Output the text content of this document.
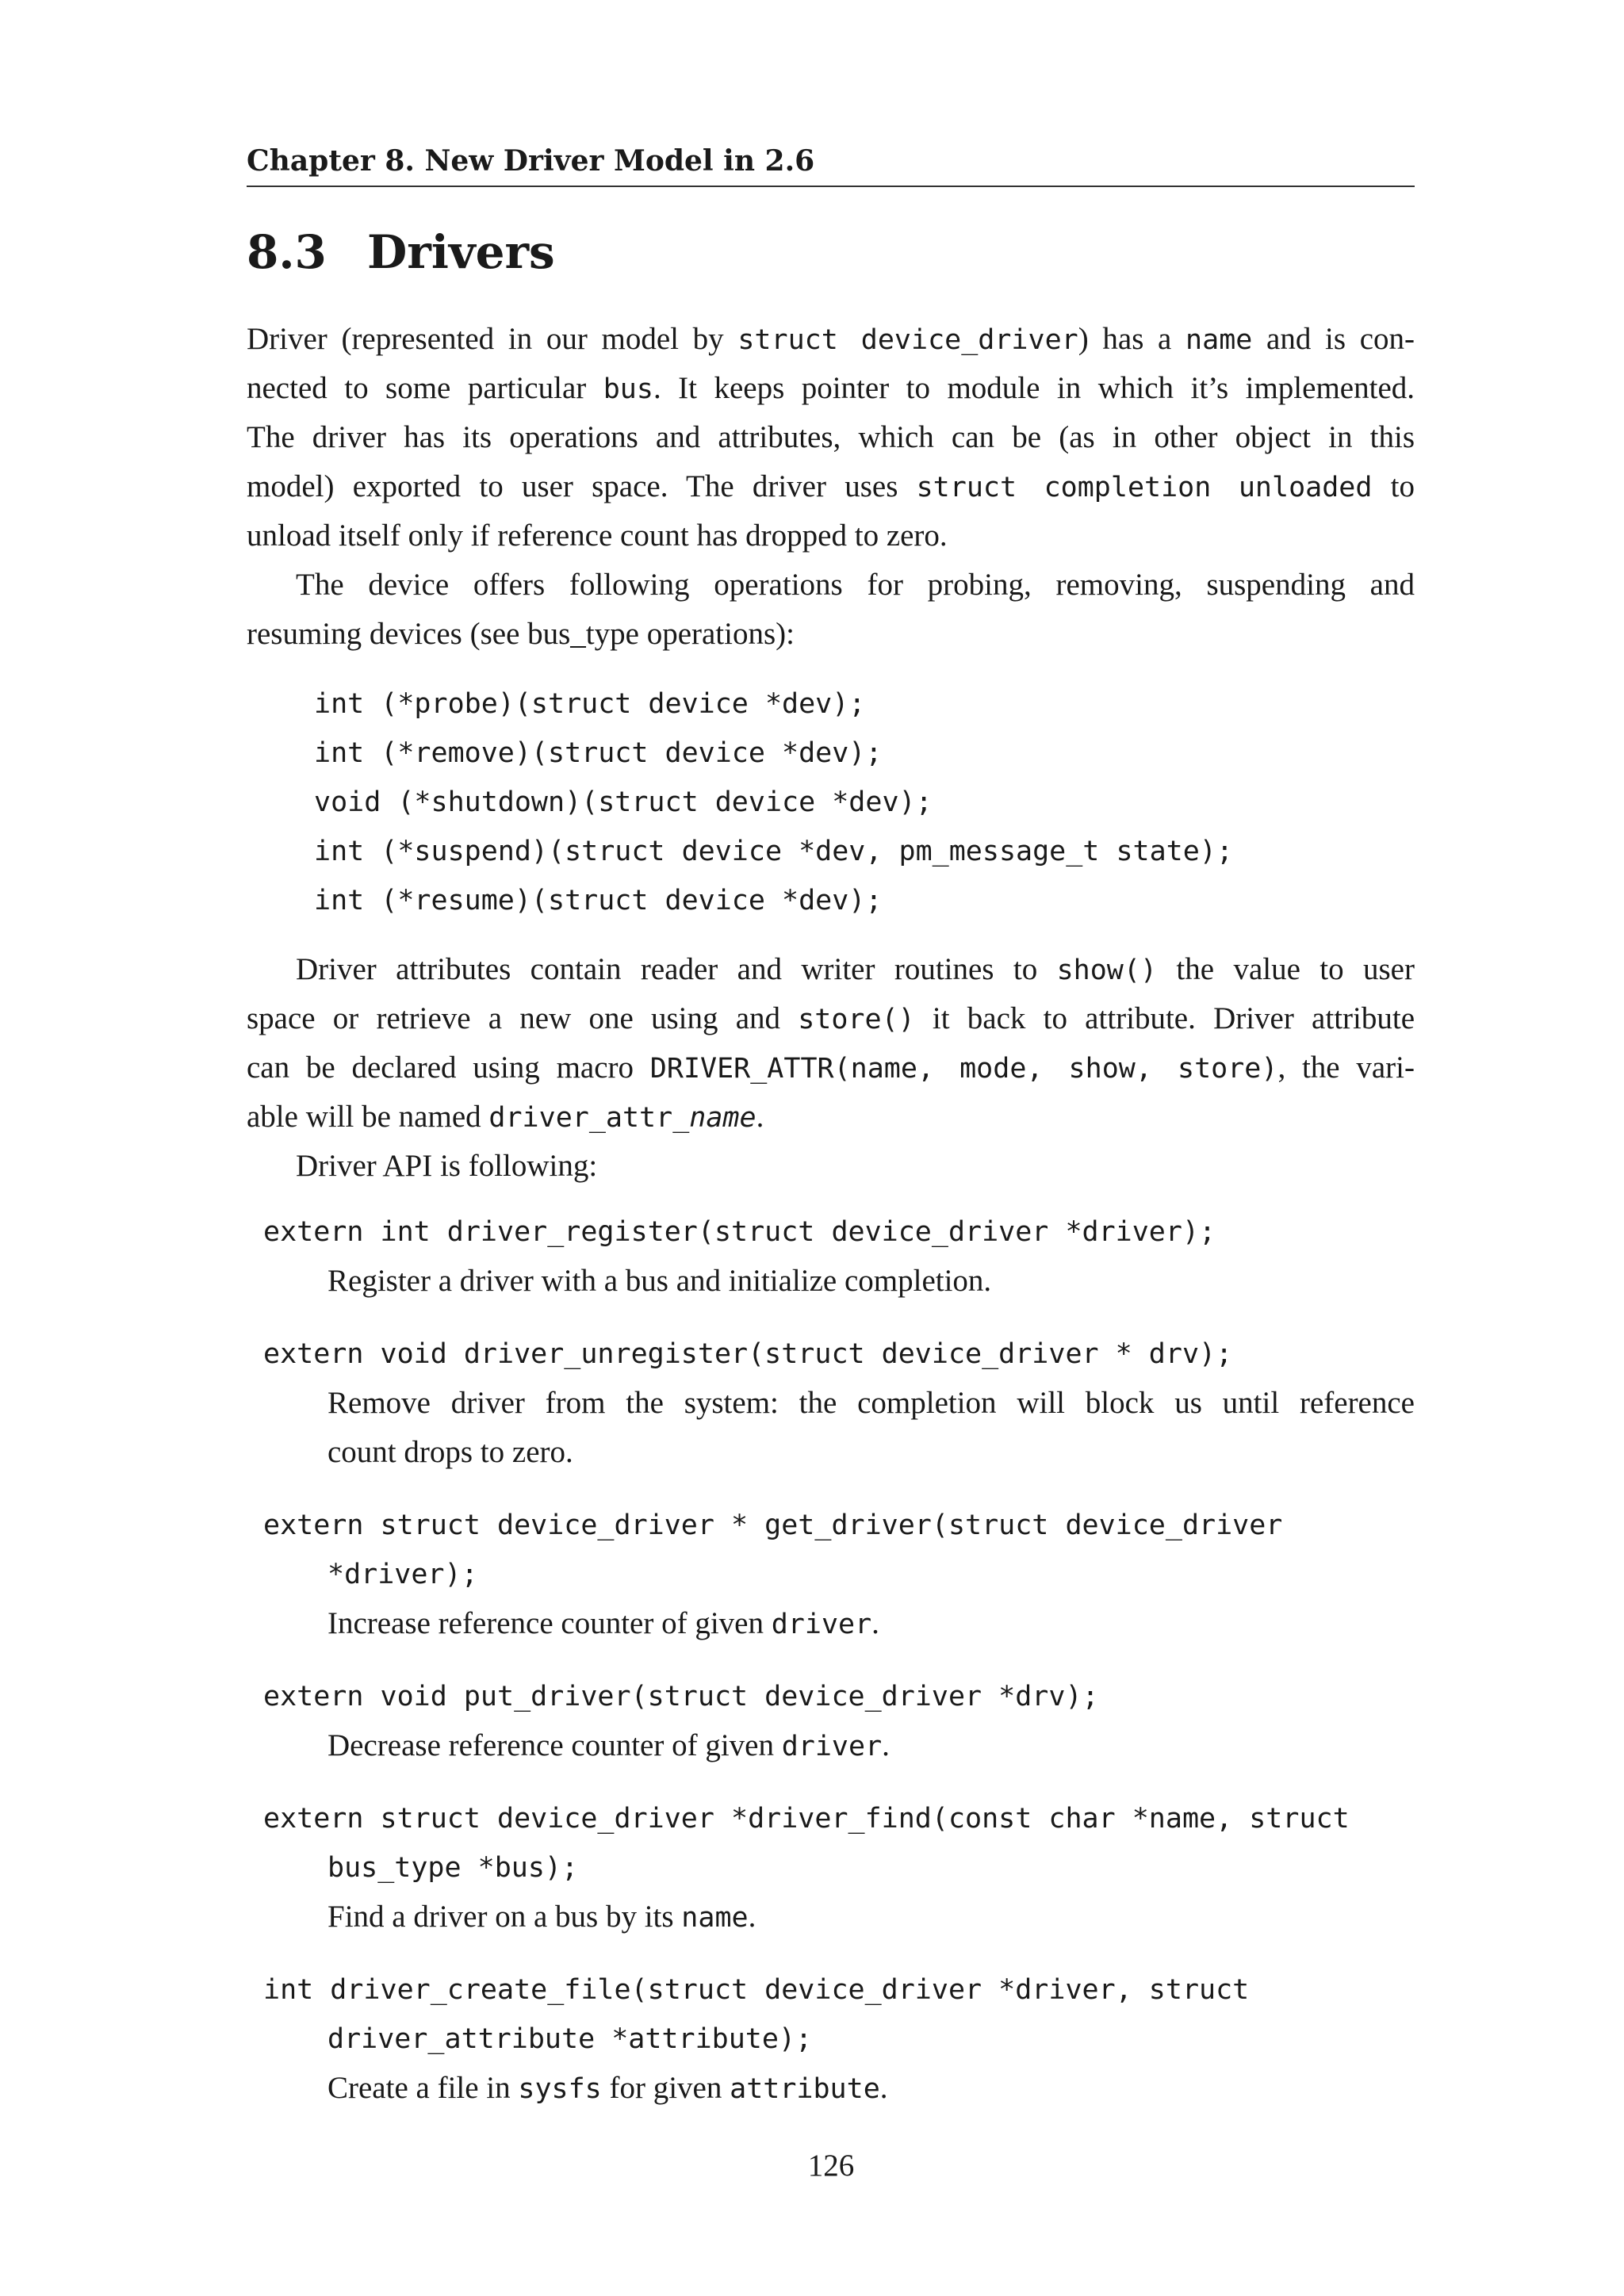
Chapter 8. New Driver Model in 2.6
8.3 Drivers
Driver (represented in our model by struct device_driver) has a name and is con-
nected to some particular bus. It keeps pointer to module in which it’s implemented.
The driver has its operations and attributes, which can be (as in other object in this
model) exported to user space. The driver uses struct completion unloaded to
unload itself only if reference count has dropped to zero.
The device offers following operations for probing, removing, suspending and
resuming devices (see bus_type operations):
int (*probe)(struct device *dev);
int (*remove)(struct device *dev);
void (*shutdown)(struct device *dev);
int (*suspend)(struct device *dev, pm_message_t state);
int (*resume)(struct device *dev);
Driver attributes contain reader and writer routines to show() the value to user
space or retrieve a new one using and store() it back to attribute. Driver attribute
can be declared using macro DRIVER_ATTR(name, mode, show, store), the vari-
able will be named driver_attr_name.
Driver API is following:
extern int driver_register(struct device_driver *driver);
Register a driver with a bus and initialize completion.
extern void driver_unregister(struct device_driver * drv);
Remove driver from the system: the completion will block us until reference
count drops to zero.
extern struct device_driver * get_driver(struct device_driver
*driver);
Increase reference counter of given driver.
extern void put_driver(struct device_driver *drv);
Decrease reference counter of given driver.
extern struct device_driver *driver_find(const char *name, struct
bus_type *bus);
Find a driver on a bus by its name.
int driver_create_file(struct device_driver *driver, struct
driver_attribute *attribute);
Create a file in sysfs for given attribute.
126
